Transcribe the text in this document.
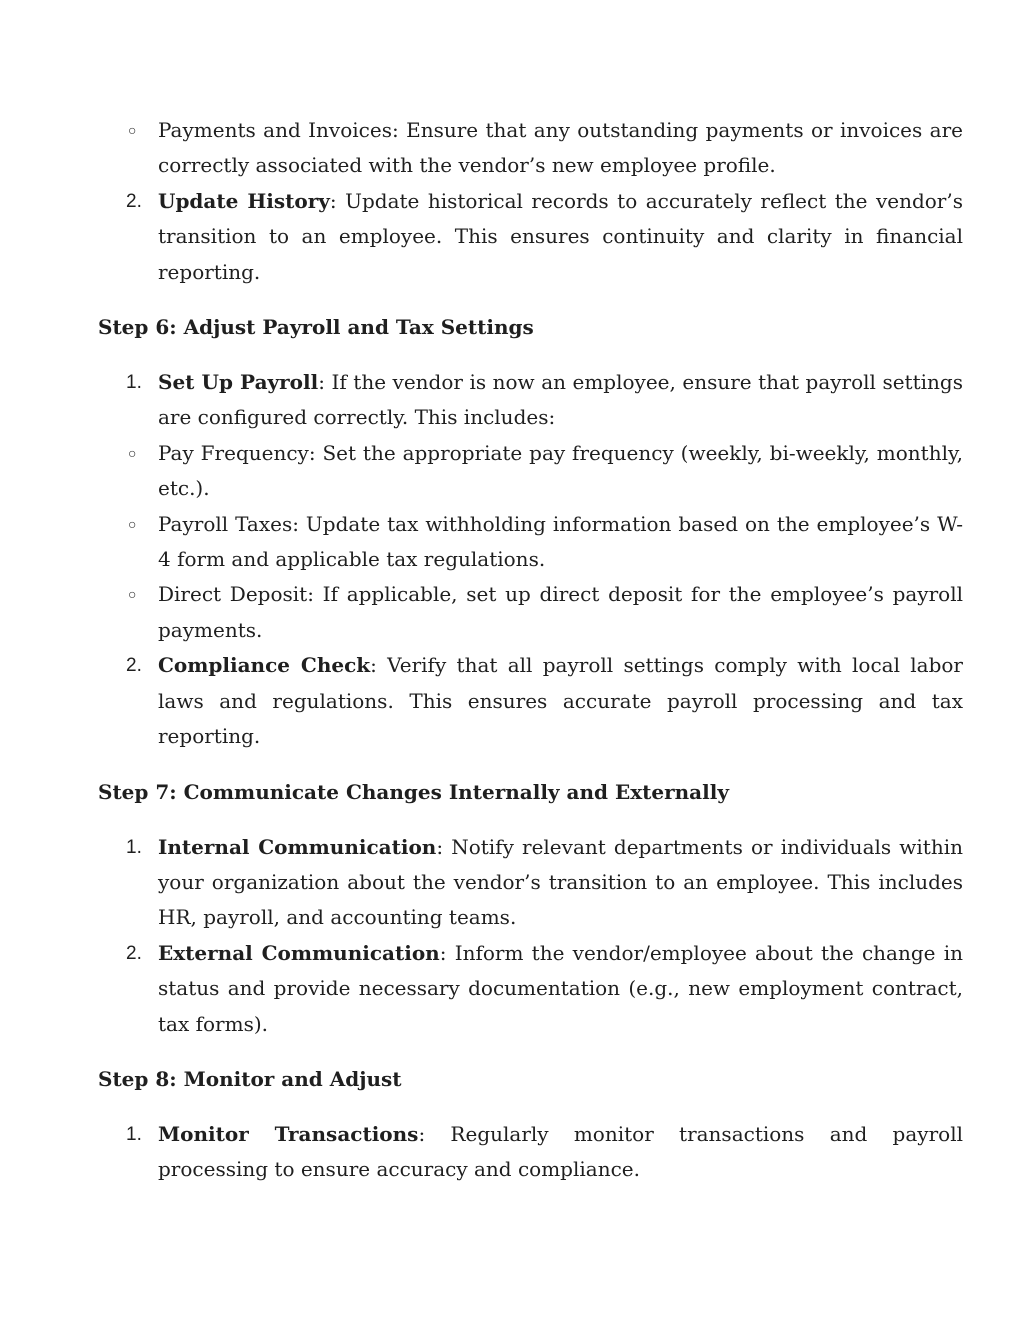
○	Payments and Invoices: Ensure that any outstanding payments or invoices are correctly associated with the vendor’s new employee profile.
2. Update History: Update historical records to accurately reflect the vendor’s transition to an employee. This ensures continuity and clarity in financial reporting.
Step 6: Adjust Payroll and Tax Settings
1. Set Up Payroll: If the vendor is now an employee, ensure that payroll settings are configured correctly. This includes:
○	Pay Frequency: Set the appropriate pay frequency (weekly, bi-weekly, monthly, etc.).
○	Payroll Taxes: Update tax withholding information based on the employee’s W-4 form and applicable tax regulations.
○	Direct Deposit: If applicable, set up direct deposit for the employee’s payroll payments.
2. Compliance Check: Verify that all payroll settings comply with local labor laws and regulations. This ensures accurate payroll processing and tax reporting.
Step 7: Communicate Changes Internally and Externally
1. Internal Communication: Notify relevant departments or individuals within your organization about the vendor’s transition to an employee. This includes HR, payroll, and accounting teams.
2. External Communication: Inform the vendor/employee about the change in status and provide necessary documentation (e.g., new employment contract, tax forms).
Step 8: Monitor and Adjust
1. Monitor Transactions: Regularly monitor transactions and payroll processing to ensure accuracy and compliance.
